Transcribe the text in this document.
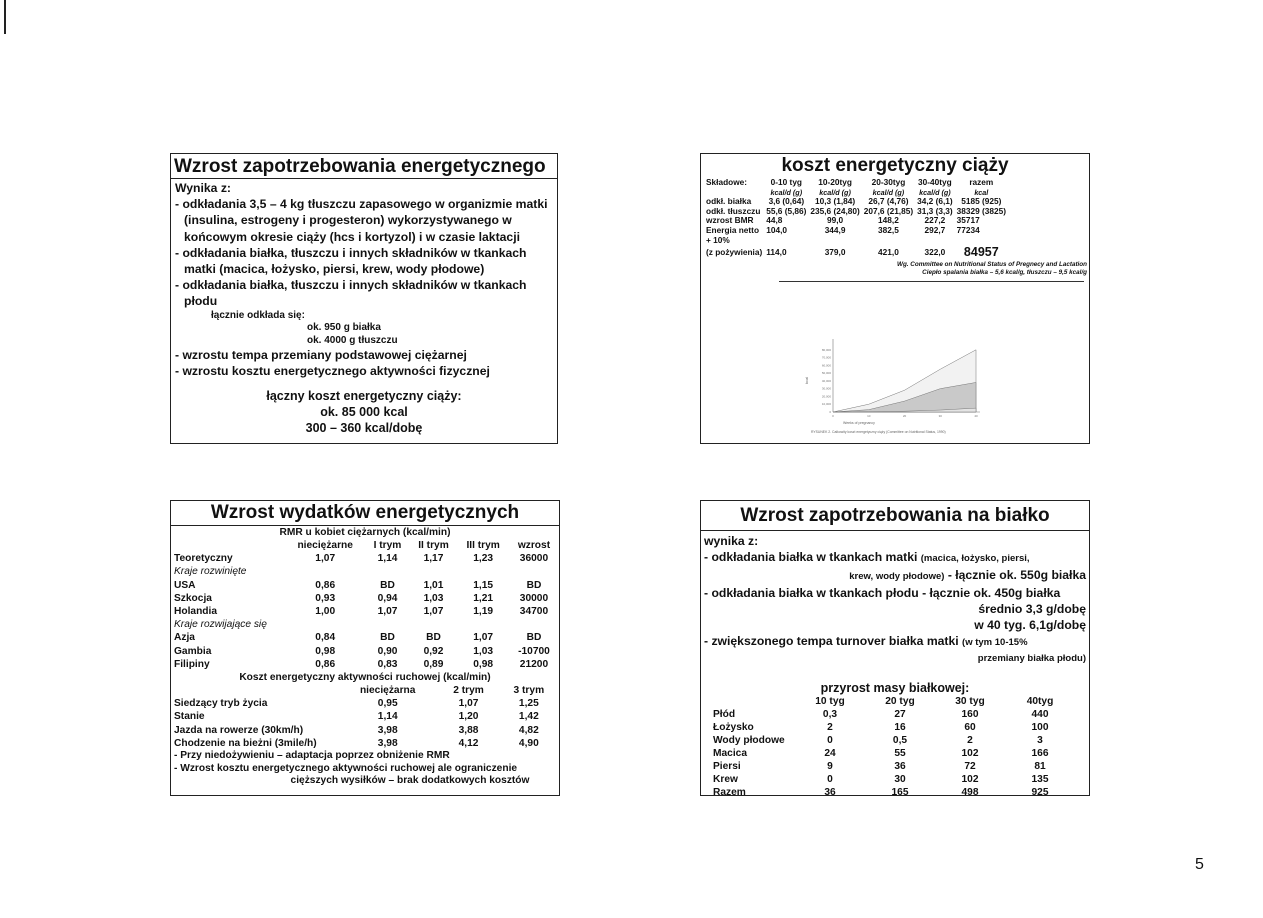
Wzrost zapotrzebowania energetycznego
Wynika z:
- odkładania 3,5 – 4 kg tłuszczu zapasowego w organizmie matki (insulina, estrogeny i progesteron) wykorzystywanego w końcowym okresie ciąży (hcs i kortyzol) i w czasie laktacji
- odkładania białka, tłuszczu i innych składników w tkankach matki (macica, łożysko, piersi, krew, wody płodowe)
- odkładania białka, tłuszczu i innych składników w tkankach płodu
łącznie odkłada się:
ok. 950 g białka
ok. 4000 g tłuszczu
- wzrostu tempa przemiany podstawowej ciężarnej
- wzrostu kosztu energetycznego aktywności fizycznej
łączny koszt energetyczny ciąży:
ok. 85 000 kcal
300 – 360 kcal/dobę
koszt energetyczny ciąży
Składowe:	0-10 tyg	10-20tyg	20-30tyg	30-40tyg	razem
	kcal/d (g)	kcal/d (g)	kcal/d (g)	kcal/d (g)	kcal
odkł. białka	3,6 (0,64)	10,3 (1,84)	26,7 (4,76)	34,2 (6,1)	5185 (925)
odkł. tłuszczu	55,6 (5,86)	235,6 (24,80)	207,6 (21,85)	31,3 (3,3)	38329 (3825)
wzrost BMR	44,8	99,0	148,2	227,2	35717
Energia netto	104,0	344,9	382,5	292,7	77234
+ 10%					
(z pożywienia)	114,0	379,0	421,0	322,0	84957
Wg. Committee on Nutritional Status of Pregnecy and Lactation
Ciepło spalania białka – 5,6 kcal/g, tłuszczu – 9,5 kcal/g
80,000
70,000
60,000
50,000
40,000
30,000
20,000
10,000
0
0	10	20	30	40
Weeks of pregnancy
kcal
RYSUNEK 2. Całkowity koszt energetyczny ciąży (Committee on Nutritional Status, 1990)
Wzrost wydatków energetycznych
RMR u kobiet ciężarnych (kcal/min)
	nieciężarne	I trym	II trym	III trym	wzrost
Teoretyczny	1,07	1,14	1,17	1,23	36000
Kraje rozwinięte					
USA	0,86	BD	1,01	1,15	BD
Szkocja	0,93	0,94	1,03	1,21	30000
Holandia	1,00	1,07	1,07	1,19	34700
Kraje rozwijające się					
Azja	0,84	BD	BD	1,07	BD
Gambia	0,98	0,90	0,92	1,03	-10700
Filipiny	0,86	0,83	0,89	0,98	21200
Koszt energetyczny aktywności ruchowej (kcal/min)
	nieciężarna	2 trym	3 trym
Siedzący tryb życia	0,95	1,07	1,25
Stanie	1,14	1,20	1,42
Jazda na rowerze (30km/h)	3,98	3,88	4,82
Chodzenie na bieżni (3mile/h)	3,98	4,12	4,90
- Przy niedożywieniu – adaptacja poprzez obniżenie RMR
- Wzrost kosztu energetycznego aktywności ruchowej ale ograniczenie
cięższych wysiłków – brak dodatkowych kosztów
Wzrost zapotrzebowania na białko
wynika z:
- odkładania białka w tkankach matki (macica, łożysko, piersi,
krew, wody płodowe) - łącznie ok. 550g białka
- odkładania białka w tkankach płodu - łącznie ok. 450g białka
średnio 3,3 g/dobę
w 40 tyg. 6,1g/dobę
- zwiększonego tempa turnover białka matki (w tym 10-15%
przemiany białka płodu)
przyrost masy białkowej:
	10 tyg	20 tyg	30 tyg	40tyg
Płód	0,3	27	160	440
Łożysko	2	16	60	100
Wody płodowe	0	0,5	2	3
Macica	24	55	102	166
Piersi	9	36	72	81
Krew	0	30	102	135
Razem	36	165	498	925
5
